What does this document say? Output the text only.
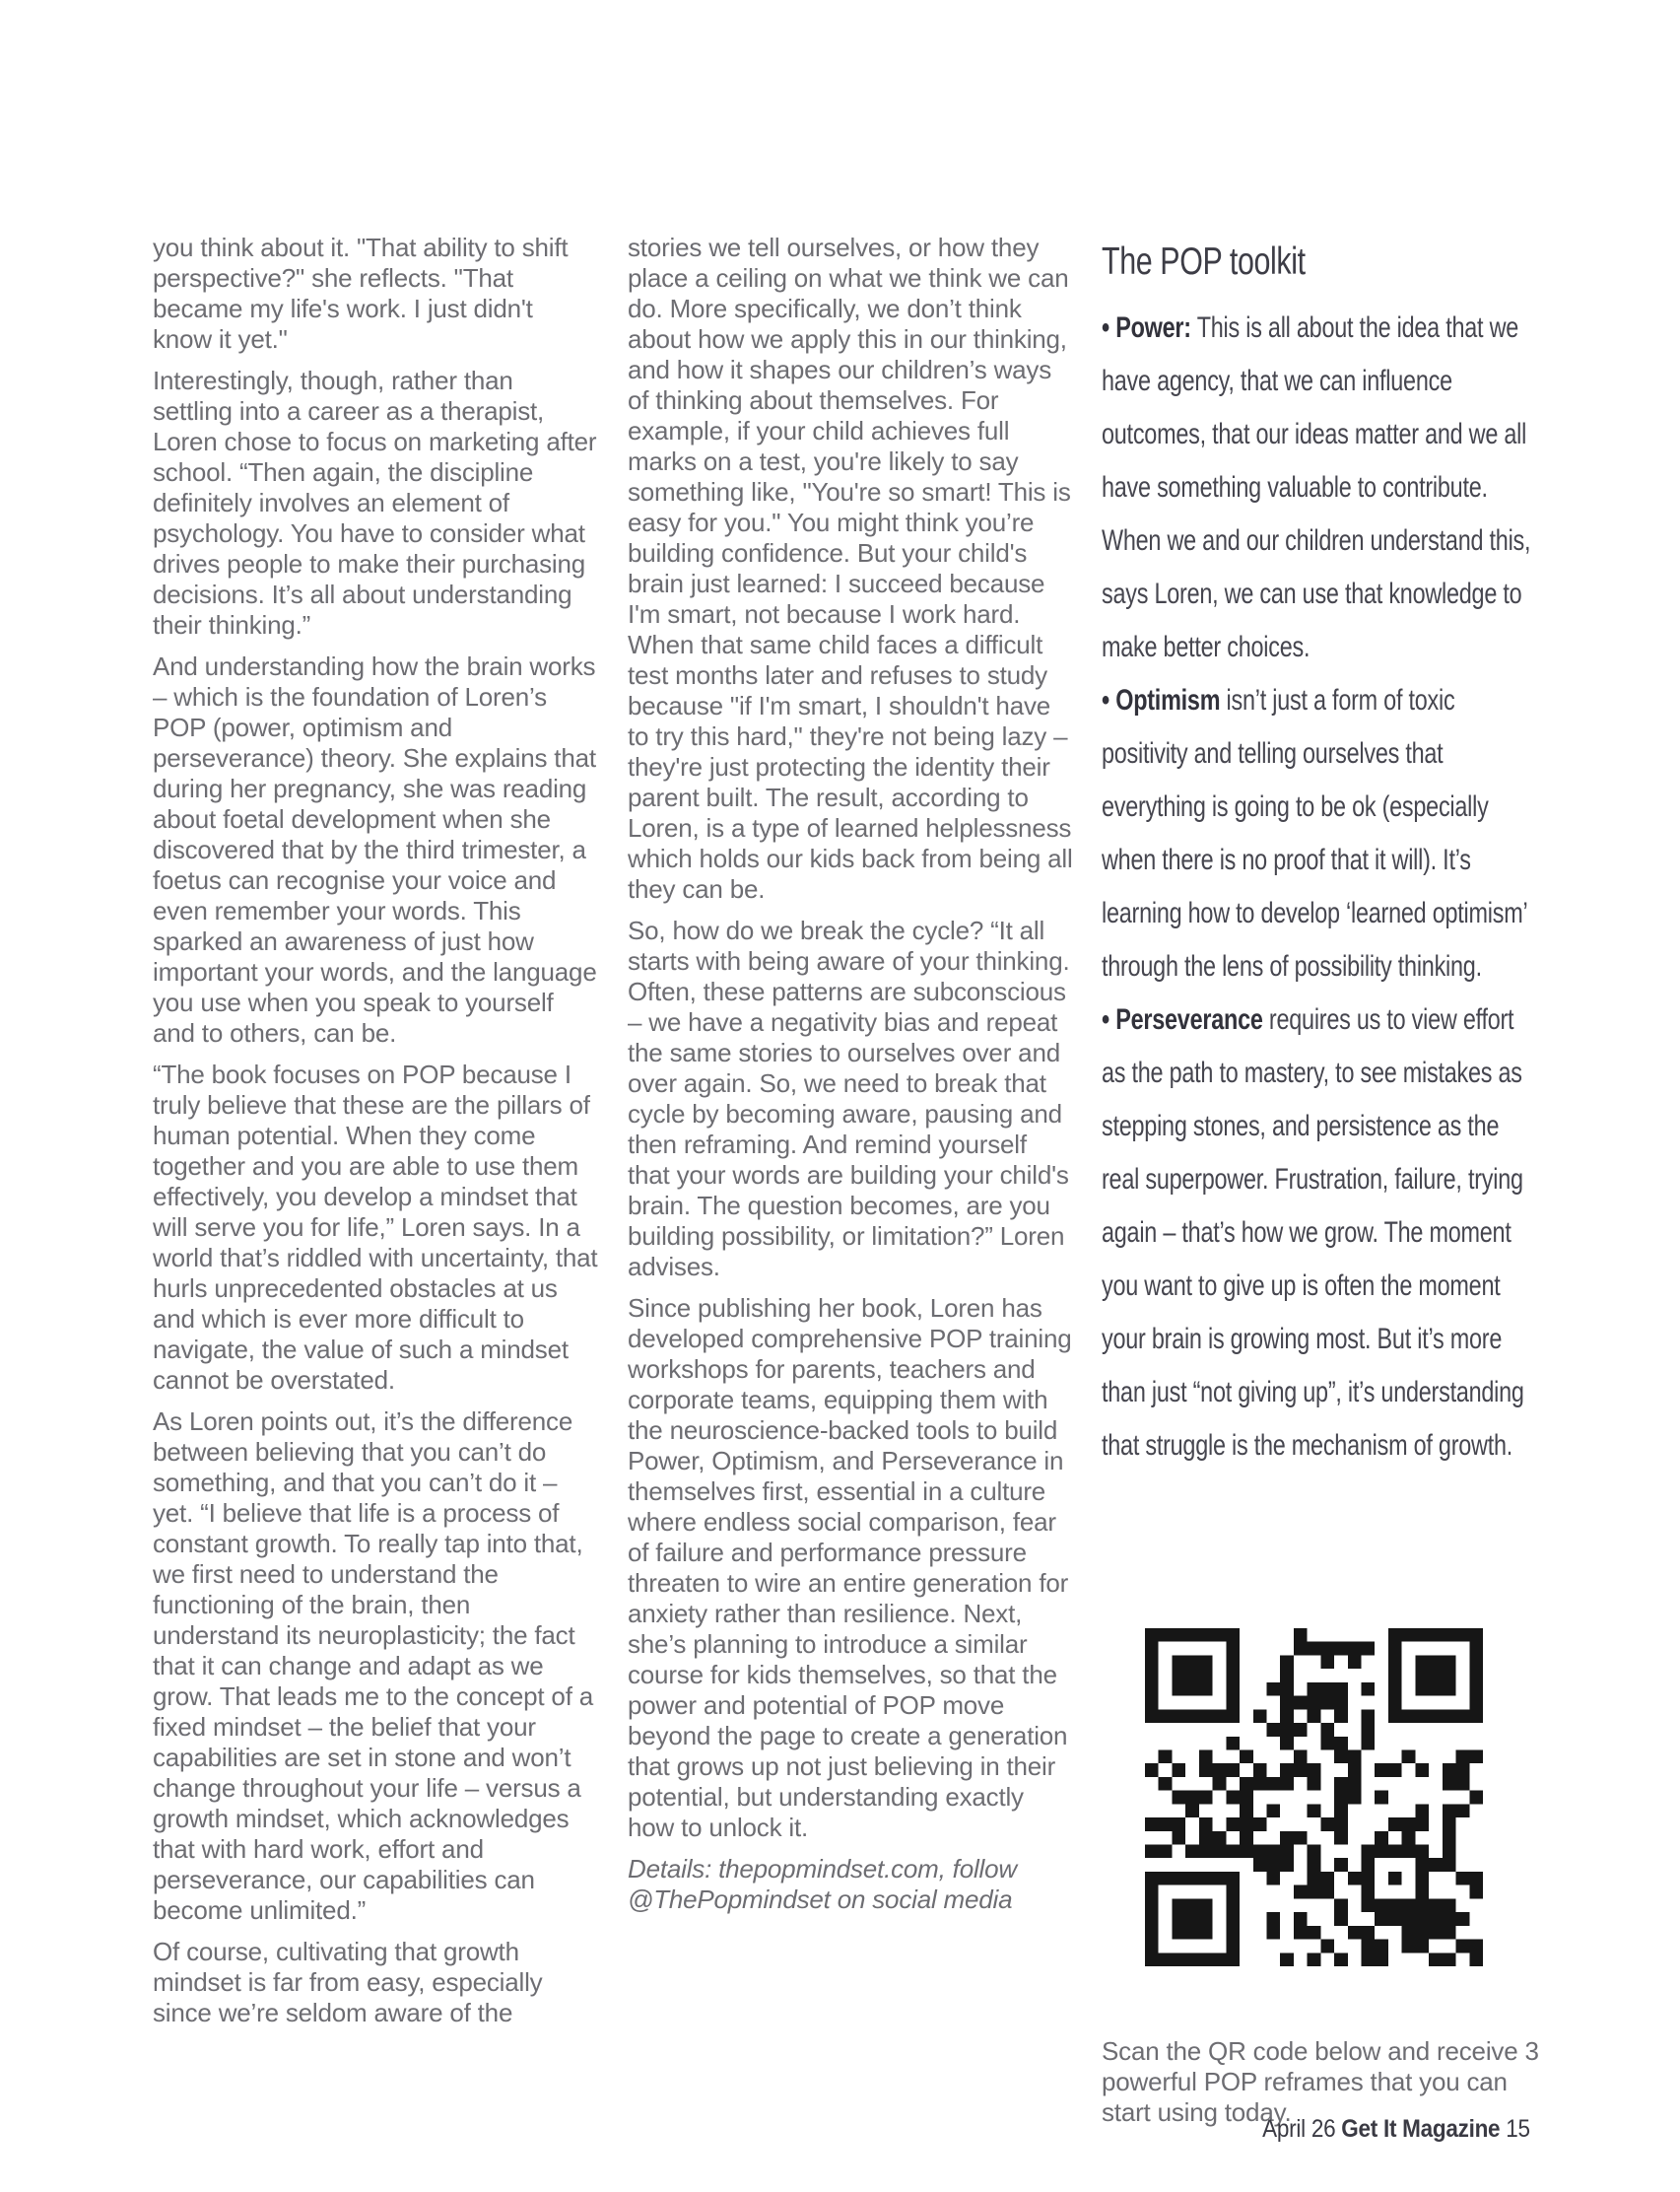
you think about it. "That ability to shift perspective?" she reflects. "That became my life's work. I just didn't know it yet."

Interestingly, though, rather than settling into a career as a therapist, Loren chose to focus on marketing after school. “Then again, the discipline definitely involves an element of psychology. You have to consider what drives people to make their purchasing decisions. It’s all about understanding their thinking.”

And understanding how the brain works – which is the foundation of Loren’s POP (power, optimism and perseverance) theory. She explains that during her pregnancy, she was reading about foetal development when she discovered that by the third trimester, a foetus can recognise your voice and even remember your words. This sparked an awareness of just how important your words, and the language you use when you speak to yourself and to others, can be.

“The book focuses on POP because I truly believe that these are the pillars of human potential. When they come together and you are able to use them effectively, you develop a mindset that will serve you for life,” Loren says. In a world that’s riddled with uncertainty, that hurls unprecedented obstacles at us and which is ever more difficult to navigate, the value of such a mindset cannot be overstated.

As Loren points out, it’s the difference between believing that you can’t do something, and that you can’t do it – yet. “I believe that life is a process of constant growth. To really tap into that, we first need to understand the functioning of the brain, then understand its neuroplasticity; the fact that it can change and adapt as we grow. That leads me to the concept of a fixed mindset – the belief that your capabilities are set in stone and won’t change throughout your life – versus a growth mindset, which acknowledges that with hard work, effort and perseverance, our capabilities can become unlimited.”

Of course, cultivating that growth mindset is far from easy, especially since we’re seldom aware of the

stories we tell ourselves, or how they place a ceiling on what we think we can do. More specifically, we don’t think about how we apply this in our thinking, and how it shapes our children’s ways of thinking about themselves. For example, if your child achieves full marks on a test, you're likely to say something like, "You're so smart! This is easy for you." You might think you’re building confidence. But your child's brain just learned: I succeed because I'm smart, not because I work hard. When that same child faces a difficult test months later and refuses to study because "if I'm smart, I shouldn't have to try this hard," they're not being lazy – they're just protecting the identity their parent built. The result, according to Loren, is a type of learned helplessness which holds our kids back from being all they can be.

So, how do we break the cycle? “It all starts with being aware of your thinking. Often, these patterns are subconscious – we have a negativity bias and repeat the same stories to ourselves over and over again. So, we need to break that cycle by becoming aware, pausing and then reframing. And remind yourself that your words are building your child's brain. The question becomes, are you building possibility, or limitation?” Loren advises.

Since publishing her book, Loren has developed comprehensive POP training workshops for parents, teachers and corporate teams, equipping them with the neuroscience-backed tools to build Power, Optimism, and Perseverance in themselves first, essential in a culture where endless social comparison, fear of failure and performance pressure threaten to wire an entire generation for anxiety rather than resilience. Next, she’s planning to introduce a similar course for kids themselves, so that the power and potential of POP move beyond the page to create a generation that grows up not just believing in their potential, but understanding exactly how to unlock it.

Details: thepopmindset.com, follow @ThePopmindset on social media

The POP toolkit

• Power: This is all about the idea that we have agency, that we can influence outcomes, that our ideas matter and we all have something valuable to contribute. When we and our children understand this, says Loren, we can use that knowledge to make better choices.

• Optimism isn’t just a form of toxic positivity and telling ourselves that everything is going to be ok (especially when there is no proof that it will). It’s learning how to develop ‘learned optimism’ through the lens of possibility thinking.

• Perseverance requires us to view effort as the path to mastery, to see mistakes as stepping stones, and persistence as the real superpower. Frustration, failure, trying again – that’s how we grow. The moment you want to give up is often the moment your brain is growing most. But it’s more than just “not giving up”, it’s understanding that struggle is the mechanism of growth.

Scan the QR code below and receive 3 powerful POP reframes that you can start using today.

April 26 Get It Magazine 15
